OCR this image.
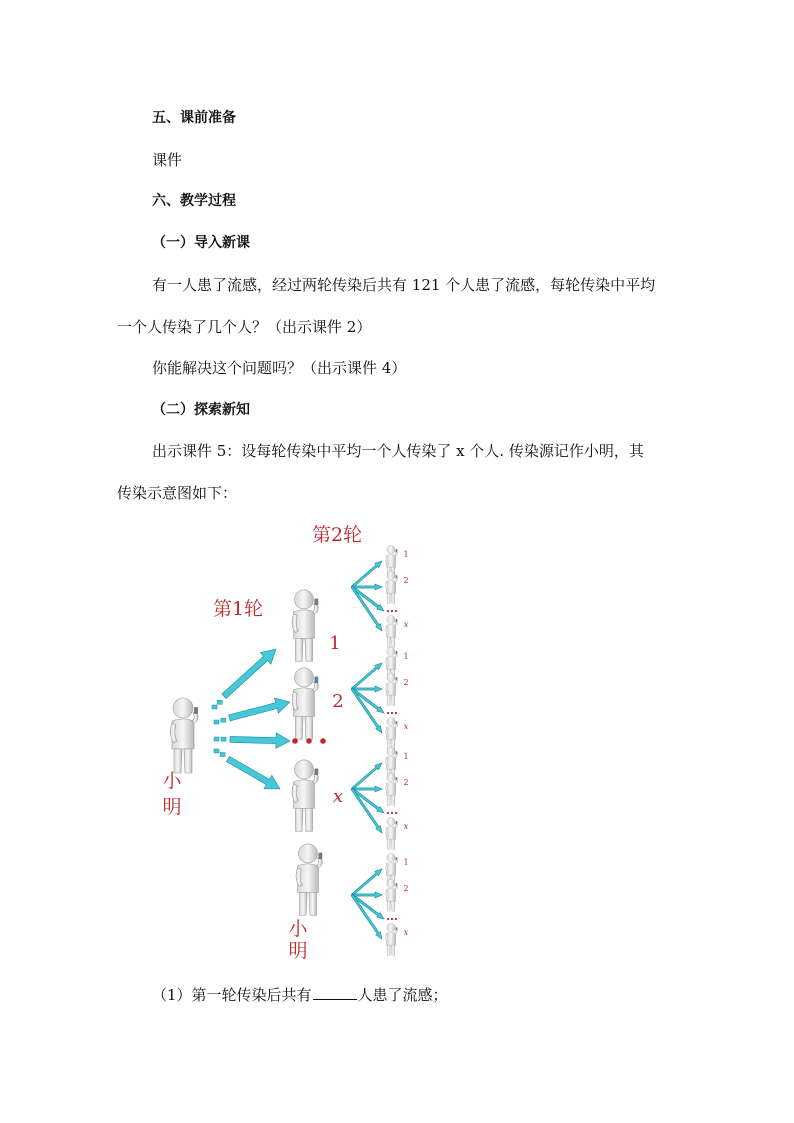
五、课前准备
课件
六、教学过程
（一）导入新课
有一人患了流感，经过两轮传染后共有 121 个人患了流感，每轮传染中平均
一个人传染了几个人？（出示课件 2）
你能解决这个问题吗？（出示课件 4）
（二）探索新知
出示课件 5：设每轮传染中平均一个人传染了 x 个人. 传染源记作小明，其
传染示意图如下：
第1轮
第2轮
小
明
1
2
x
小
明
1
2
x
1
2
x
1
2
x
1
2
x
（1）第一轮传染后共有	人患了流感；
